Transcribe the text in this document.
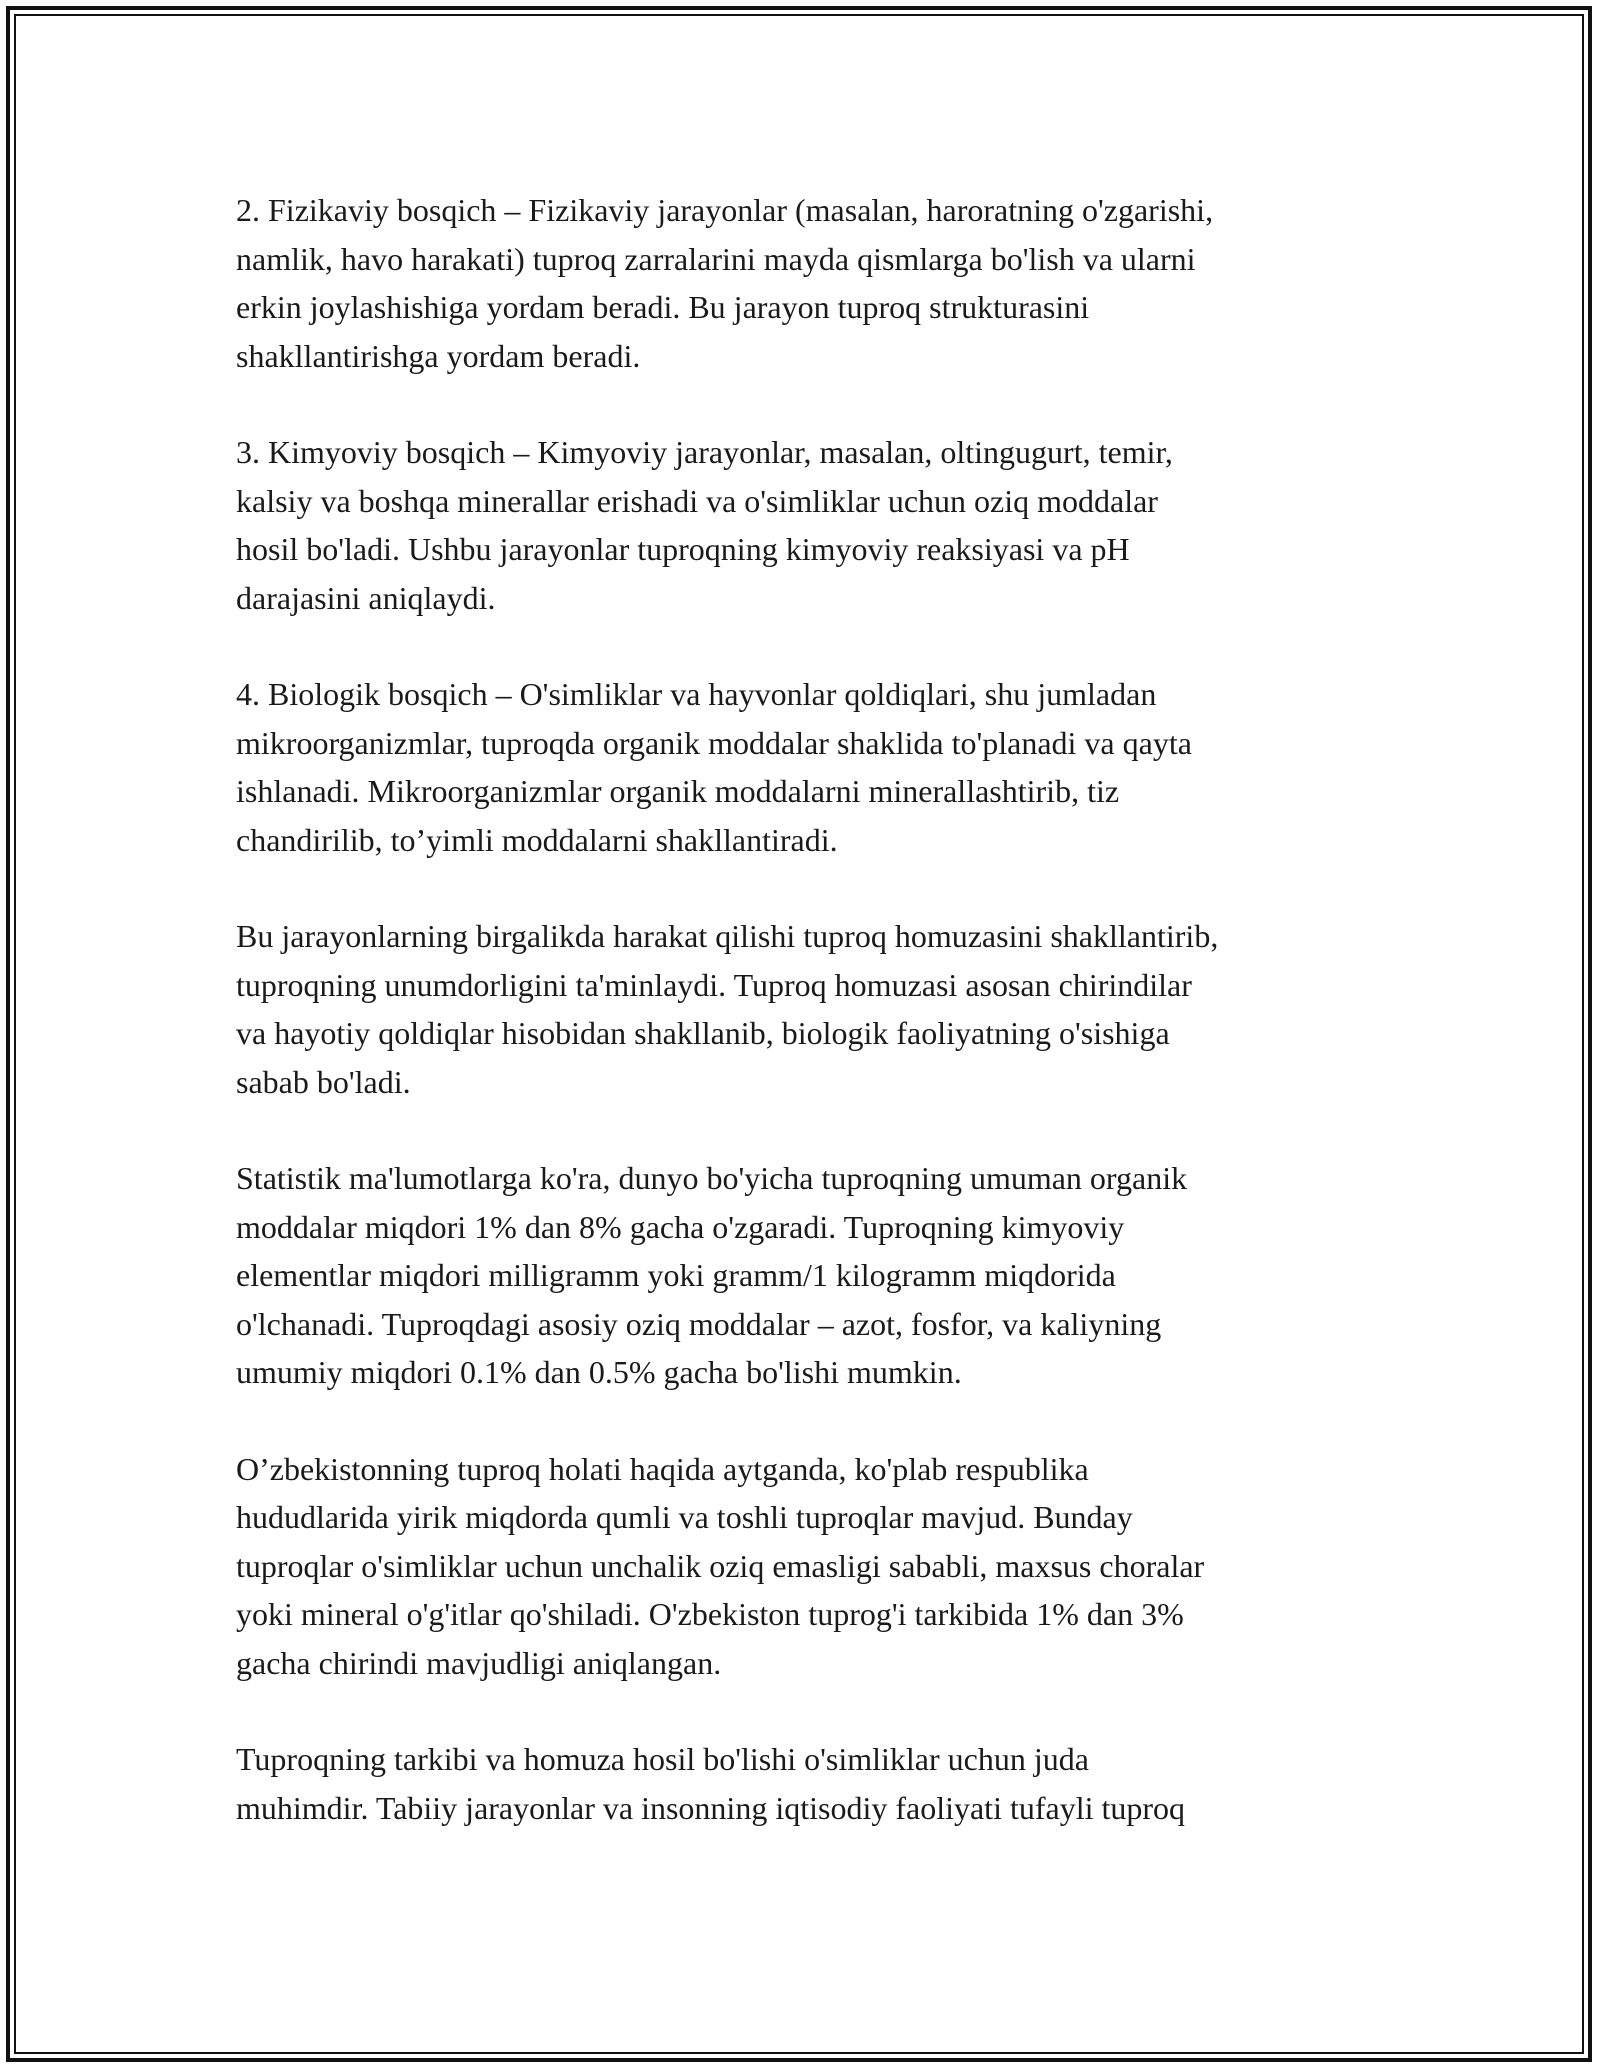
2. Fizikaviy bosqich – Fizikaviy jarayonlar (masalan, haroratning o'zgarishi,
namlik, havo harakati) tuproq zarralarini mayda qismlarga bo'lish va ularni
erkin joylashishiga yordam beradi. Bu jarayon tuproq strukturasini
shakllantirishga yordam beradi.

3. Kimyoviy bosqich – Kimyoviy jarayonlar, masalan, oltingugurt, temir,
kalsiy va boshqa minerallar erishadi va o'simliklar uchun oziq moddalar
hosil bo'ladi. Ushbu jarayonlar tuproqning kimyoviy reaksiyasi va pH
darajasini aniqlaydi.

4. Biologik bosqich – O'simliklar va hayvonlar qoldiqlari, shu jumladan
mikroorganizmlar, tuproqda organik moddalar shaklida to'planadi va qayta
ishlanadi. Mikroorganizmlar organik moddalarni minerallashtirib, tiz
chandirilib, to’yimli moddalarni shakllantiradi.

Bu jarayonlarning birgalikda harakat qilishi tuproq homuzasini shakllantirib,
tuproqning unumdorligini ta'minlaydi. Tuproq homuzasi asosan chirindilar
va hayotiy qoldiqlar hisobidan shakllanib, biologik faoliyatning o'sishiga
sabab bo'ladi.

Statistik ma'lumotlarga ko'ra, dunyo bo'yicha tuproqning umuman organik
moddalar miqdori 1% dan 8% gacha o'zgaradi. Tuproqning kimyoviy
elementlar miqdori milligramm yoki gramm/1 kilogramm miqdorida
o'lchanadi. Tuproqdagi asosiy oziq moddalar – azot, fosfor, va kaliyning
umumiy miqdori 0.1% dan 0.5% gacha bo'lishi mumkin.

O’zbekistonning tuproq holati haqida aytganda, ko'plab respublika
hududlarida yirik miqdorda qumli va toshli tuproqlar mavjud. Bunday
tuproqlar o'simliklar uchun unchalik oziq emasligi sababli, maxsus choralar
yoki mineral o'g'itlar qo'shiladi. O'zbekiston tuprog'i tarkibida 1% dan 3%
gacha chirindi mavjudligi aniqlangan.

Tuproqning tarkibi va homuza hosil bo'lishi o'simliklar uchun juda
muhimdir. Tabiiy jarayonlar va insonning iqtisodiy faoliyati tufayli tuproq
